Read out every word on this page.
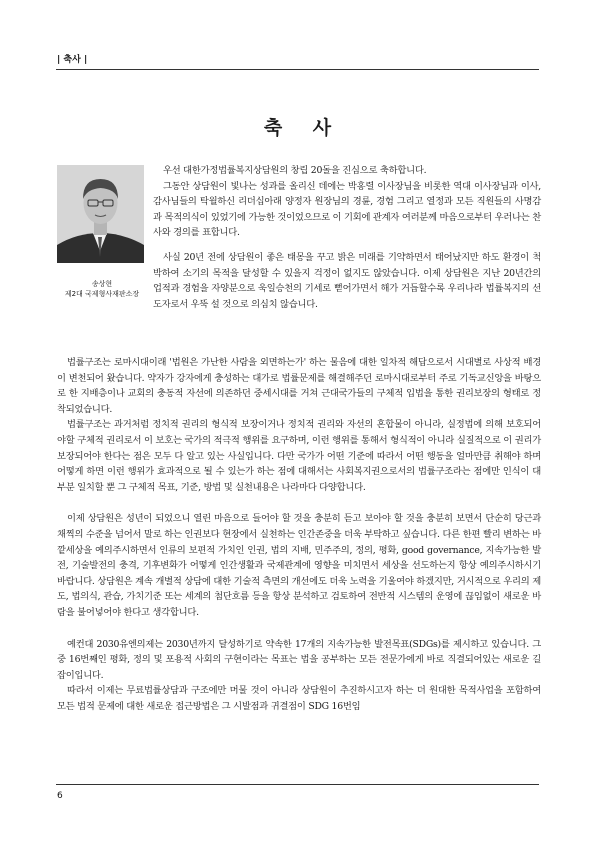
| 축사 |
축 사
송상현
제2대 국제형사재판소장

우선 대한가정법률복지상담원의 창립 20돌을 진심으로 축하합니다.

그동안 상담원이 빛나는 성과를 올리신 데에는 박홍렬 이사장님을 비롯한 역대 이사장님과 이사, 감사님들의 탁월하신 리더십아래 양정자 원장님의 경륜, 경험 그리고 열정과 모든 직원들의 사명감과 목적의식이 있었기에 가능한 것이었으므로 이 기회에 관계자 여러분께 마음으로부터 우러나는 찬사와 경의를 표합니다.

사실 20년 전에 상담원이 좋은 태몽을 꾸고 밝은 미래를 기약하면서 태어났지만 하도 환경이 척박하여 소기의 목적을 달성할 수 있을지 걱정이 없지도 않았습니다. 이제 상담원은 지난 20년간의 업적과 경험을 자양분으로 욱일승천의 기세로 뻗어가면서 해가 거듭할수록 우리나라 법률복지의 선도자로서 우뚝 설 것으로 의심치 않습니다.

법률구조는 로마시대이래 '법원은 가난한 사람을 외면하는가' 하는 물음에 대한 일차적 해답으로서 시대별로 사상적 배경이 변천되어 왔습니다. 약자가 강자에게 충성하는 대가로 법률문제를 해결해주던 로마시대로부터 주로 기독교신앙을 바탕으로 한 지배층이나 교회의 충동적 자선에 의존하던 중세시대를 거쳐 근대국가들의 구체적 입법을 통한 권리보장의 형태로 정착되었습니다.

법률구조는 과거처럼 정치적 권리의 형식적 보장이거나 정치적 권리와 자선의 혼합물이 아니라, 실정법에 의해 보호되어야할 구체적 권리로서 이 보호는 국가의 적극적 행위를 요구하며, 이런 행위를 통해서 형식적이 아니라 실질적으로 이 권리가 보장되어야 한다는 점은 모두 다 알고 있는 사실입니다. 다만 국가가 어떤 기준에 따라서 어떤 행동을 얼마만큼 취해야 하며 어떻게 하면 이런 행위가 효과적으로 될 수 있는가 하는 점에 대해서는 사회복지권으로서의 법률구조라는 점에만 인식이 대부분 일치할 뿐 그 구체적 목표, 기준, 방법 및 실천내용은 나라마다 다양합니다.

이제 상담원은 성년이 되었으니 열린 마음으로 들어야 할 것을 충분히 듣고 보아야 할 것을 충분히 보면서 단순히 당근과 채찍의 수준을 넘어서 말로 하는 인권보다 현장에서 실천하는 인간존중을 더욱 부탁하고 싶습니다. 다른 한편 빨리 변하는 바깥세상을 예의주시하면서 인류의 보편적 가치인 인권, 법의 지배, 민주주의, 정의, 평화, good governance, 지속가능한 발전, 기술발전의 충격, 기후변화가 어떻게 인간생활과 국제관계에 영향을 미치면서 세상을 선도하는지 항상 예의주시하시기 바랍니다. 상담원은 계속 개별적 상담에 대한 기술적 측면의 개선에도 더욱 노력을 기울여야 하겠지만, 거시적으로 우리의 제도, 법의식, 관습, 가치기준 또는 세계의 첨단흐름 등을 항상 분석하고 검토하여 전반적 시스템의 운영에 끊임없이 새로운 바람을 불어넣어야 한다고 생각합니다.

예컨대 2030유엔의제는 2030년까지 달성하기로 약속한 17개의 지속가능한 발전목표(SDGs)를 제시하고 있습니다. 그 중 16번째인 평화, 정의 및 포용적 사회의 구현이라는 목표는 법을 공부하는 모든 전문가에게 바로 직결되어있는 새로운 길잡이입니다.

따라서 이제는 무료법률상담과 구조에만 머물 것이 아니라 상담원이 추진하시고자 하는 더 원대한 목적사업을 포함하여 모든 법적 문제에 대한 새로운 접근방법은 그 시발점과 귀결점이 SDG 16번임

6
